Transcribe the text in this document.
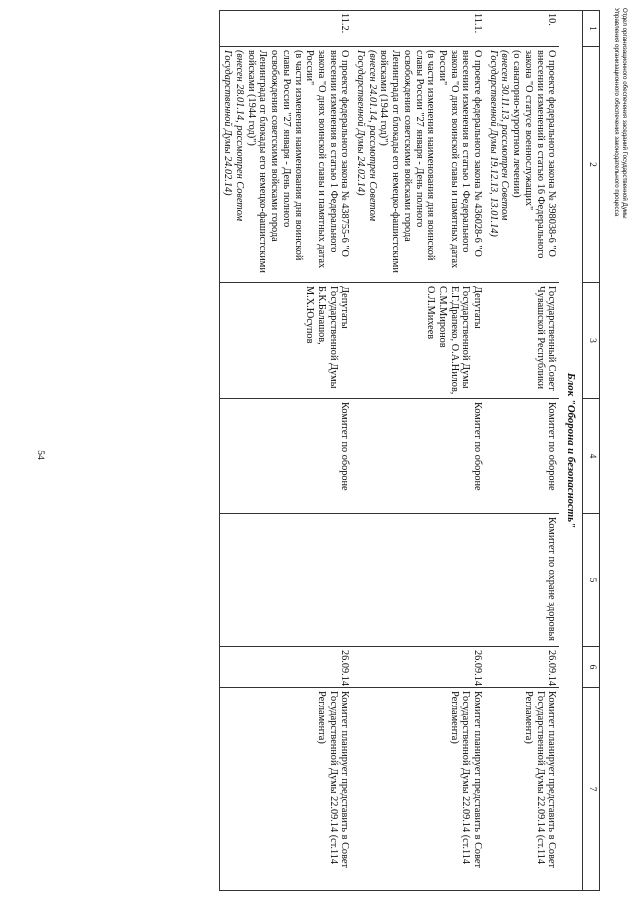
54
1	2	3	4	5	6	7
Блок "Оборона и безопасность"						
10.	О проекте федерального закона № 398038-6 "О внесении изменений в статью 16 Федерального закона "О статусе военнослужащих"
(о санаторно-курортном лечении)
(внесен 30.11.13, рассмотрен Советом Государственной Думы 19.12.13, 13.01.14)	Государственный Совет Чувашской Республики	Комитет по обороне	Комитет по охране здоровья	26.09.14	Комитет планирует представить в Совет Государственной Думы 22.09.14 (ст.114 Регламента)
11.1.	О проекте федерального закона № 436028-6 "О внесении изменения в статью 1 Федерального закона "О днях воинской славы и памятных датах России"
(в части изменения наименования дня воинской славы России "27 января - День полного освобождения советскими войсками города Ленинграда от блокады его немецко-фашистскими войсками (1944 год)")
(внесен 24.01.14, рассмотрен Советом Государственной Думы 24.02.14)	Депутаты Государственной Думы Е.Г.Драпеко, О.А.Нилов, С.М.Миронов О.Л.Михеев	Комитет по обороне		26.09.14	Комитет планирует представить в Совет Государственной Думы 22.09.14 (ст.114 Регламента)
11.2.	О проекте федерального закона № 438755-6 "О внесении изменения в статью 1 Федерального закона "О днях воинской славы и памятных датах России"
(в части изменения наименования дня воинской славы России "27 января - День полного освобождения советскими войсками города Ленинграда от блокады его немецко-фашистскими войсками (1944 год)")
(внесен 28.01.14, рассмотрен Советом Государственной Думы 24.02.14)	Депутаты Государственной Думы Б.К.Балашов, М.Х.Юсупов	Комитет по обороне		26.09.14	Комитет планирует представить в Совет Государственной Думы 22.09.14 (ст.114 Регламента)
Отдел организационного обеспечения заседаний Государственной Думы
Управления организационного обеспечения законодательного процесса
